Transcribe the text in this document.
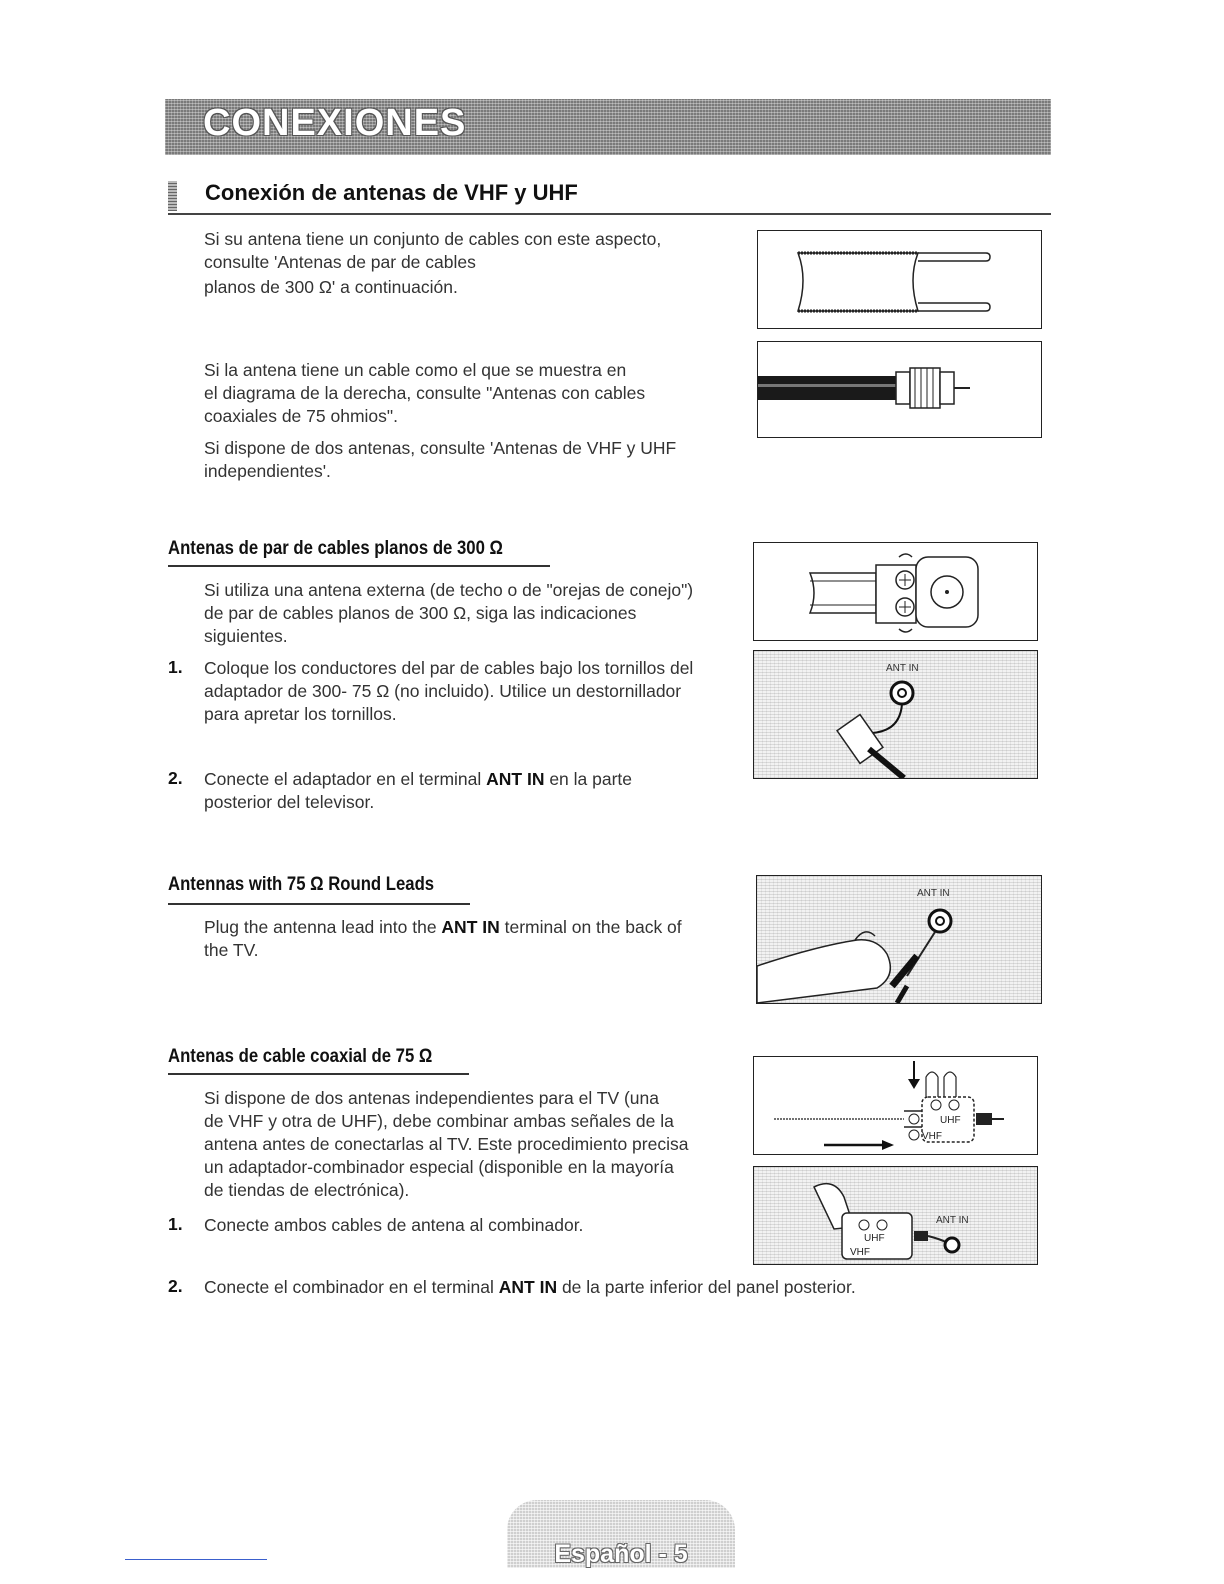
CONEXIONES
Conexión de antenas de VHF y UHF
Si su antena tiene un conjunto de cables con este aspecto,
consulte 'Antenas de par de cables
planos de 300 Ω' a continuación.
Si la antena tiene un cable como el que se muestra en
el diagrama de la derecha, consulte "Antenas con cables
coaxiales de 75 ohmios".
Si dispone de dos antenas, consulte 'Antenas de VHF y UHF
independientes'.
Antenas de par de cables planos de 300 Ω
Si utiliza una antena externa (de techo o de "orejas de conejo")
de par de cables planos de 300 Ω, siga las indicaciones
siguientes.
1. Coloque los conductores del par de cables bajo los tornillos del
adaptador de 300- 75 Ω (no incluido). Utilice un destornillador
para apretar los tornillos.
2. Conecte el adaptador en el terminal ANT IN en la parte
posterior del televisor.
ANT IN
Antennas with 75 Ω Round Leads
Plug the antenna lead into the ANT IN terminal on the back of
the TV.
ANT IN
Antenas de cable coaxial de 75 Ω
Si dispone de dos antenas independientes para el TV (una
de VHF y otra de UHF), debe combinar ambas señales de la
antena antes de conectarlas al TV. Este procedimiento precisa
un adaptador-combinador especial (disponible en la mayoría
de tiendas de electrónica).
1. Conecte ambos cables de antena al combinador.
2. Conecte el combinador en el terminal ANT IN de la parte inferior del panel posterior.
UHF
VHF
UHF
VHF
ANT IN
Español - 5
